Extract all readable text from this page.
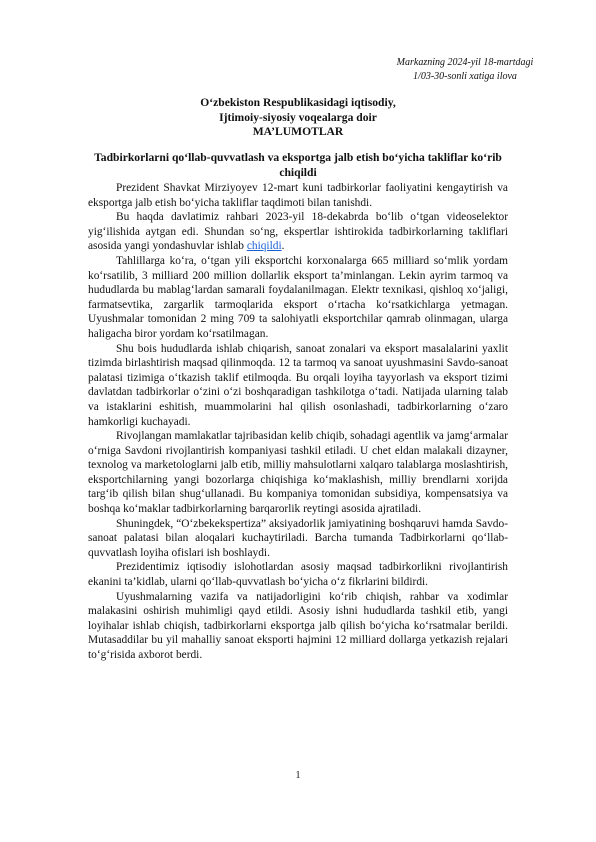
Markazning 2024-yil 18-martdagi
1/03-30-sonli xatiga ilova
O‘zbekiston Respublikasidagi iqtisodiy,
Ijtimoiy-siyosiy voqealarga doir
MA’LUMOTLAR
Tadbirkorlarni qo‘llab-quvvatlash va eksportga jalb etish bo‘yicha takliflar ko‘rib chiqildi

Prezident Shavkat Mirziyoyev 12-mart kuni tadbirkorlar faoliyatini kengaytirish va eksportga jalb etish bo‘yicha takliflar taqdimoti bilan tanishdi.

Bu haqda davlatimiz rahbari 2023-yil 18-dekabrda bo‘lib o‘tgan videoselektor yig‘ilishida aytgan edi. Shundan so‘ng, ekspertlar ishtirokida tadbirkorlarning takliflari asosida yangi yondashuvlar ishlab chiqildi.

Tahlillarga ko‘ra, o‘tgan yili eksportchi korxonalarga 665 milliard so‘mlik yordam ko‘rsatilib, 3 milliard 200 million dollarlik eksport ta’minlangan. Lekin ayrim tarmoq va hududlarda bu mablag‘lardan samarali foydalanilmagan. Elektr texnikasi, qishloq xo‘jaligi, farmatsevtika, zargarlik tarmoqlarida eksport o‘rtacha ko‘rsatkichlarga yetmagan. Uyushmalar tomonidan 2 ming 709 ta salohiyatli eksportchilar qamrab olinmagan, ularga haligacha biror yordam ko‘rsatilmagan.

Shu bois hududlarda ishlab chiqarish, sanoat zonalari va eksport masalalarini yaxlit tizimda birlashtirish maqsad qilinmoqda. 12 ta tarmoq va sanoat uyushmasini Savdo-sanoat palatasi tizimiga o‘tkazish taklif etilmoqda. Bu orqali loyiha tayyorlash va eksport tizimi davlatdan tadbirkorlar o‘zini o‘zi boshqaradigan tashkilotga o‘tadi. Natijada ularning talab va istaklarini eshitish, muammolarini hal qilish osonlashadi, tadbirkorlarning o‘zaro hamkorligi kuchayadi.

Rivojlangan mamlakatlar tajribasidan kelib chiqib, sohadagi agentlik va jamg‘armalar o‘rniga Savdoni rivojlantirish kompaniyasi tashkil etiladi. U chet eldan malakali dizayner, texnolog va marketologlarni jalb etib, milliy mahsulotlarni xalqaro talablarga moslashtirish, eksportchilarning yangi bozorlarga chiqishiga ko‘maklashish, milliy brendlarni xorijda targ‘ib qilish bilan shug‘ullanadi. Bu kompaniya tomonidan subsidiya, kompensatsiya va boshqa ko‘maklar tadbirkorlarning barqarorlik reytingi asosida ajratiladi.

Shuningdek, “O‘zbekekspertiza” aksiyadorlik jamiyatining boshqaruvi hamda Savdo-sanoat palatasi bilan aloqalari kuchaytiriladi. Barcha tumanda Tadbirkorlarni qo‘llab-quvvatlash loyiha ofislari ish boshlaydi.

Prezidentimiz iqtisodiy islohotlardan asosiy maqsad tadbirkorlikni rivojlantirish ekanini ta’kidlab, ularni qo‘llab-quvvatlash bo‘yicha o‘z fikrlarini bildirdi.

Uyushmalarning vazifa va natijadorligini ko‘rib chiqish, rahbar va xodimlar malakasini oshirish muhimligi qayd etildi. Asosiy ishni hududlarda tashkil etib, yangi loyihalar ishlab chiqish, tadbirkorlarni eksportga jalb qilish bo‘yicha ko‘rsatmalar berildi. Mutasaddilar bu yil mahalliy sanoat eksporti hajmini 12 milliard dollarga yetkazish rejalari to‘g‘risida axborot berdi.

1
